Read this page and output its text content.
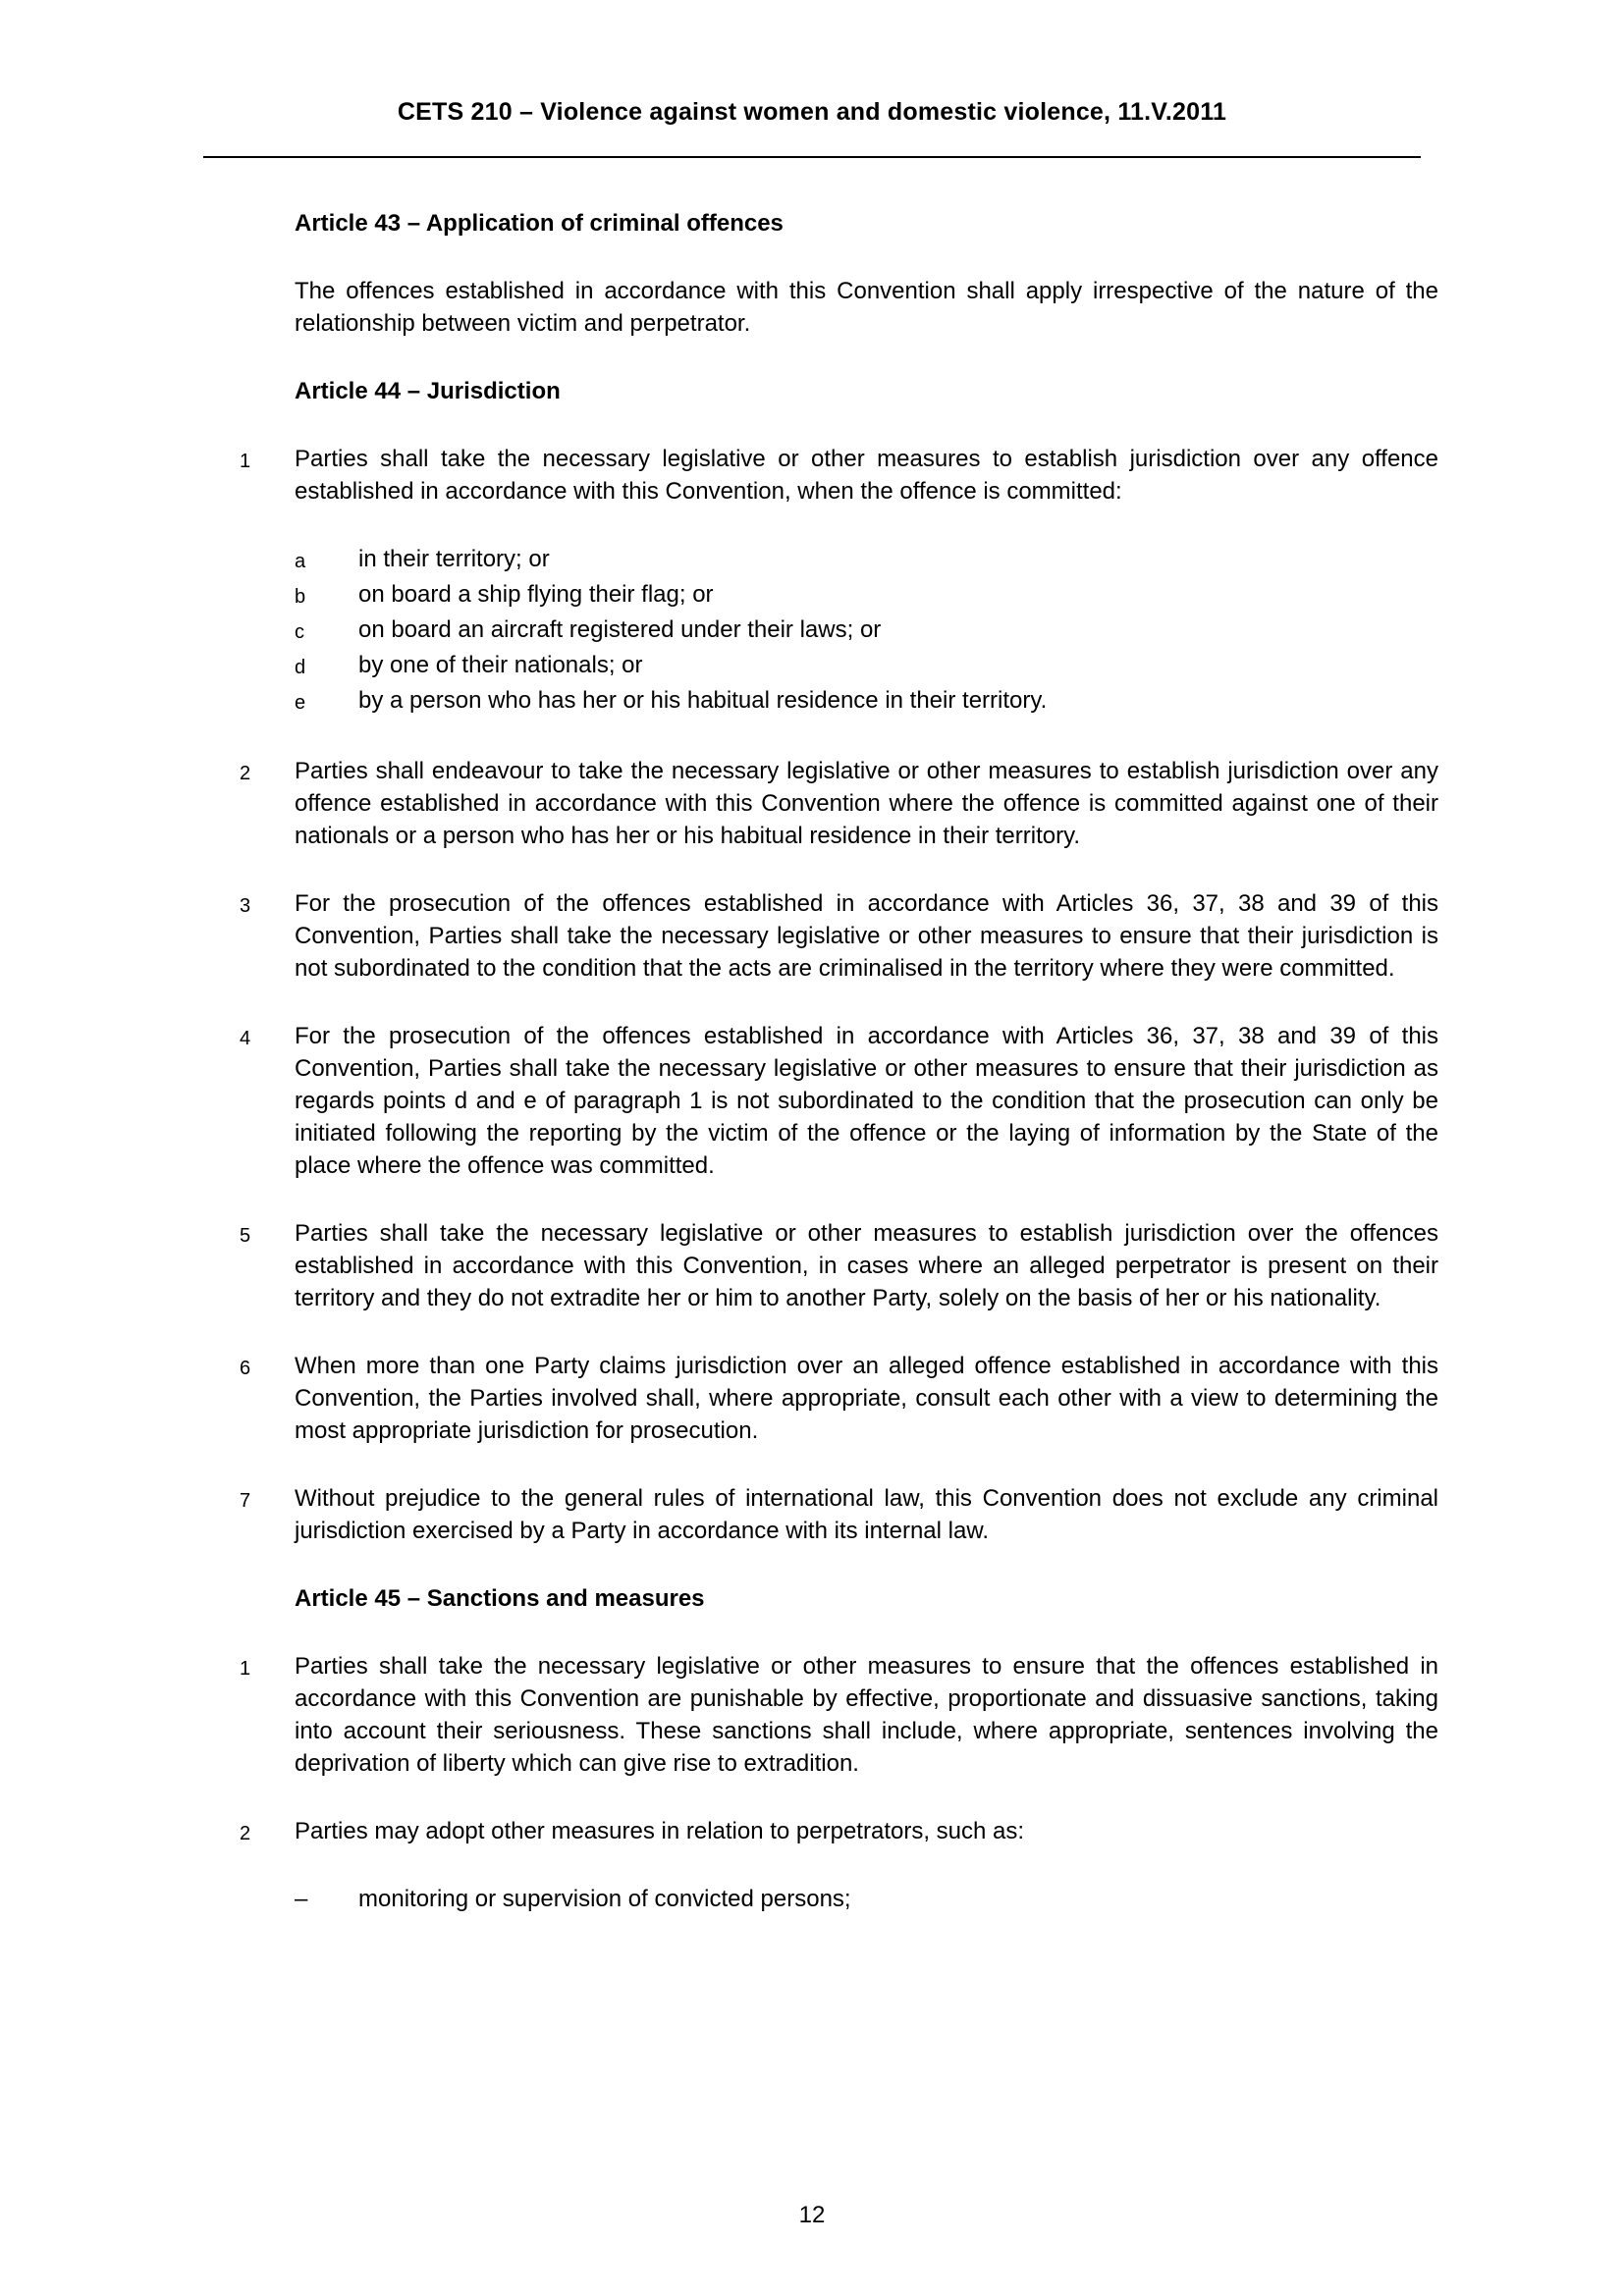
CETS 210 – Violence against women and domestic violence, 11.V.2011
Article 43 – Application of criminal offences
The offences established in accordance with this Convention shall apply irrespective of the nature of the relationship between victim and perpetrator.
Article 44 – Jurisdiction
1 Parties shall take the necessary legislative or other measures to establish jurisdiction over any offence established in accordance with this Convention, when the offence is committed:
a	in their territory; or
b	on board a ship flying their flag; or
c	on board an aircraft registered under their laws; or
d	by one of their nationals; or
e	by a person who has her or his habitual residence in their territory.
2 Parties shall endeavour to take the necessary legislative or other measures to establish jurisdiction over any offence established in accordance with this Convention where the offence is committed against one of their nationals or a person who has her or his habitual residence in their territory.
3 For the prosecution of the offences established in accordance with Articles 36, 37, 38 and 39 of this Convention, Parties shall take the necessary legislative or other measures to ensure that their jurisdiction is not subordinated to the condition that the acts are criminalised in the territory where they were committed.
4 For the prosecution of the offences established in accordance with Articles 36, 37, 38 and 39 of this Convention, Parties shall take the necessary legislative or other measures to ensure that their jurisdiction as regards points d and e of paragraph 1 is not subordinated to the condition that the prosecution can only be initiated following the reporting by the victim of the offence or the laying of information by the State of the place where the offence was committed.
5 Parties shall take the necessary legislative or other measures to establish jurisdiction over the offences established in accordance with this Convention, in cases where an alleged perpetrator is present on their territory and they do not extradite her or him to another Party, solely on the basis of her or his nationality.
6 When more than one Party claims jurisdiction over an alleged offence established in accordance with this Convention, the Parties involved shall, where appropriate, consult each other with a view to determining the most appropriate jurisdiction for prosecution.
7 Without prejudice to the general rules of international law, this Convention does not exclude any criminal jurisdiction exercised by a Party in accordance with its internal law.
Article 45 – Sanctions and measures
1 Parties shall take the necessary legislative or other measures to ensure that the offences established in accordance with this Convention are punishable by effective, proportionate and dissuasive sanctions, taking into account their seriousness. These sanctions shall include, where appropriate, sentences involving the deprivation of liberty which can give rise to extradition.
2 Parties may adopt other measures in relation to perpetrators, such as:
–	monitoring or supervision of convicted persons;
12
